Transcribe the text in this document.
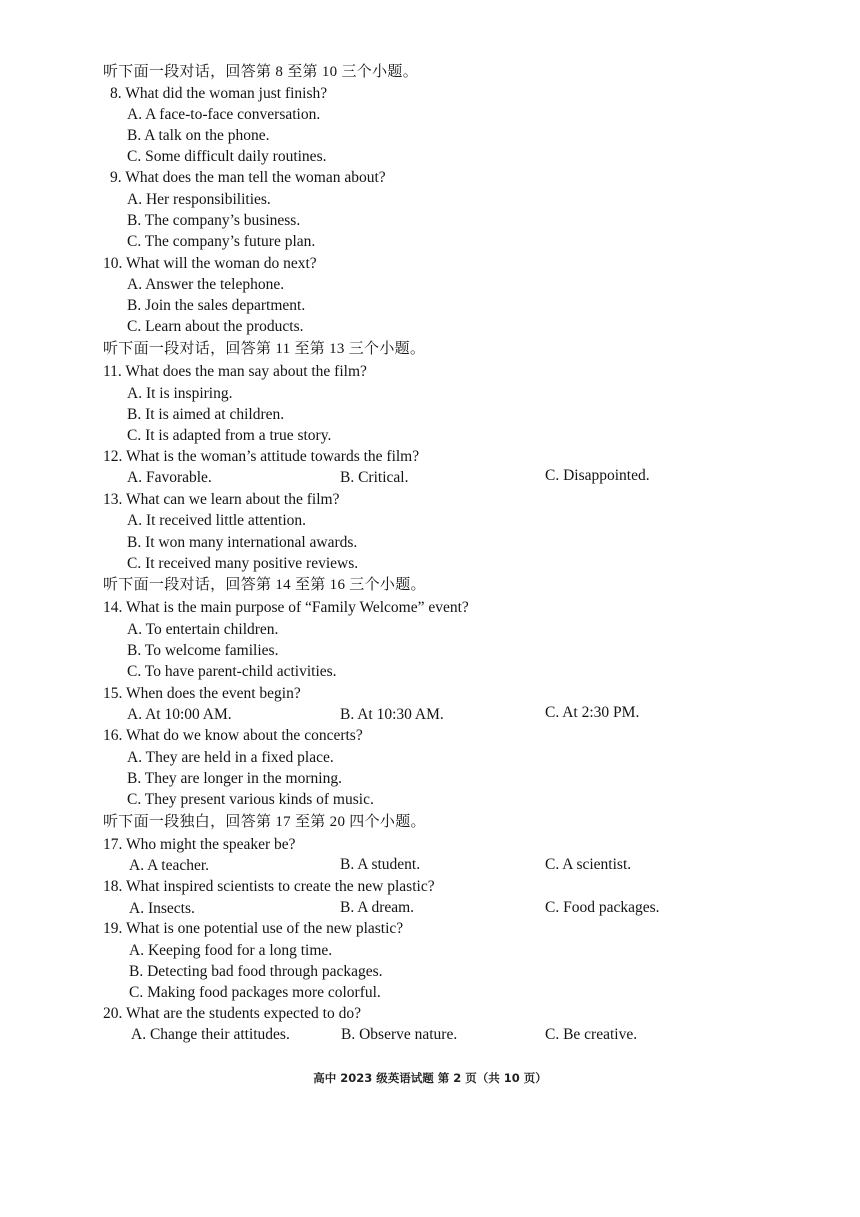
听下面一段对话，回答第 8 至第 10 三个小题。
8. What did the woman just finish?
A. A face-to-face conversation.
B. A talk on the phone.
C. Some difficult daily routines.
9. What does the man tell the woman about?
A. Her responsibilities.
B. The company’s business.
C. The company’s future plan.
10. What will the woman do next?
A. Answer the telephone.
B. Join the sales department.
C. Learn about the products.
听下面一段对话，回答第 11 至第 13 三个小题。
11. What does the man say about the film?
A. It is inspiring.
B. It is aimed at children.
C. It is adapted from a true story.
12. What is the woman’s attitude towards the film?
A. Favorable.	B. Critical.	C. Disappointed.
13. What can we learn about the film?
A. It received little attention.
B. It won many international awards.
C. It received many positive reviews.
听下面一段对话，回答第 14 至第 16 三个小题。
14. What is the main purpose of “Family Welcome” event?
A. To entertain children.
B. To welcome families.
C. To have parent-child activities.
15. When does the event begin?
A. At 10:00 AM.	B. At 10:30 AM.	C. At 2:30 PM.
16. What do we know about the concerts?
A. They are held in a fixed place.
B. They are longer in the morning.
C. They present various kinds of music.
听下面一段独白，回答第 17 至第 20 四个小题。
17. Who might the speaker be?
A. A teacher.	B. A student.	C. A scientist.
18. What inspired scientists to create the new plastic?
A. Insects.	B. A dream.	C. Food packages.
19. What is one potential use of the new plastic?
A. Keeping food for a long time.
B. Detecting bad food through packages.
C. Making food packages more colorful.
20. What are the students expected to do?
A. Change their attitudes.	B. Observe nature.	C. Be creative.
高中 2023 级英语试题 第 2 页（共 10 页）
